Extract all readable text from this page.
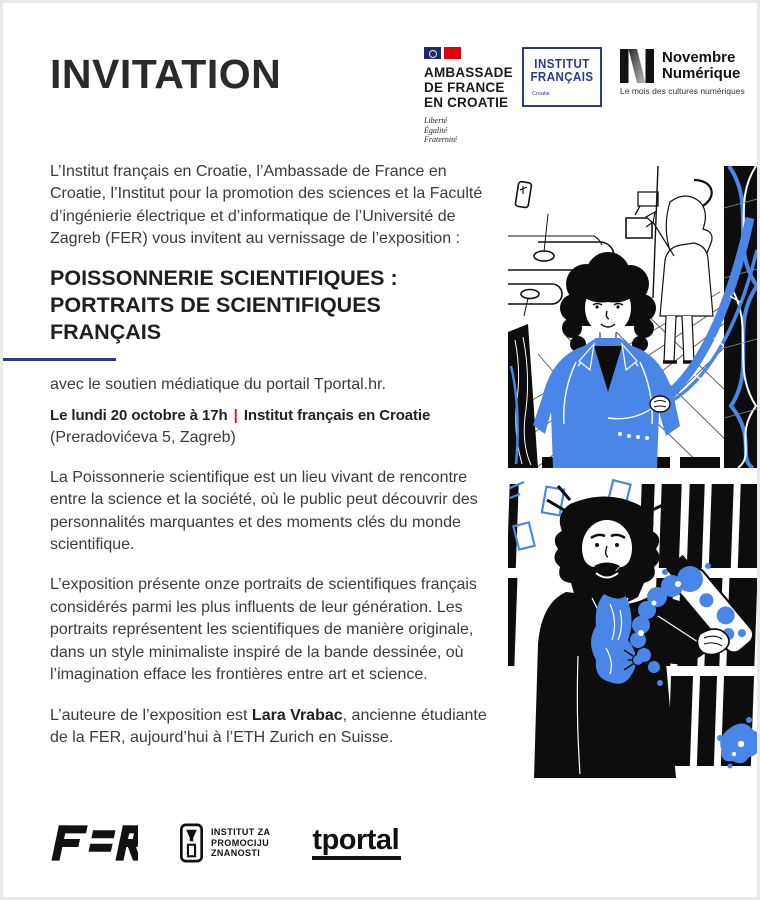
INVITATION	AMBASSADE
DE FRANCE
EN CROATIE
Liberté
Égalité
Fraternité
INSTITUT
FRANÇAIS
Croatie
Novembre
Numérique
Le mois des cultures numériques

L’Institut français en Croatie, l’Ambassade de France en Croatie, l’Institut pour la promotion des sciences et la Faculté d’ingénierie électrique et d’informatique de l’Université de Zagreb (FER) vous invitent au vernissage de l’exposition :

POISSONNERIE SCIENTIFIQUES :
PORTRAITS DE SCIENTIFIQUES FRANÇAIS

avec le soutien médiatique du portail Tportal.hr.

Le lundi 20 octobre à 17h | Institut français en Croatie
(Preradovićeva 5, Zagreb)

La Poissonnerie scientifique est un lieu vivant de rencontre entre la science et la société, où le public peut découvrir des personnalités marquantes et des moments clés du monde scientifique.

L’exposition présente onze portraits de scientifiques français considérés parmi les plus influents de leur génération. Les portraits représentent les scientifiques de manière originale, dans un style minimaliste inspiré de la bande dessinée, où l’imagination efface les frontières entre art et science.

L’auteure de l’exposition est Lara Vrabac, ancienne étudiante de la FER, aujourd’hui à l’ETH Zurich en Suisse.

INSTITUT ZA
PROMOCIJU
ZNANOSTI	tportal
